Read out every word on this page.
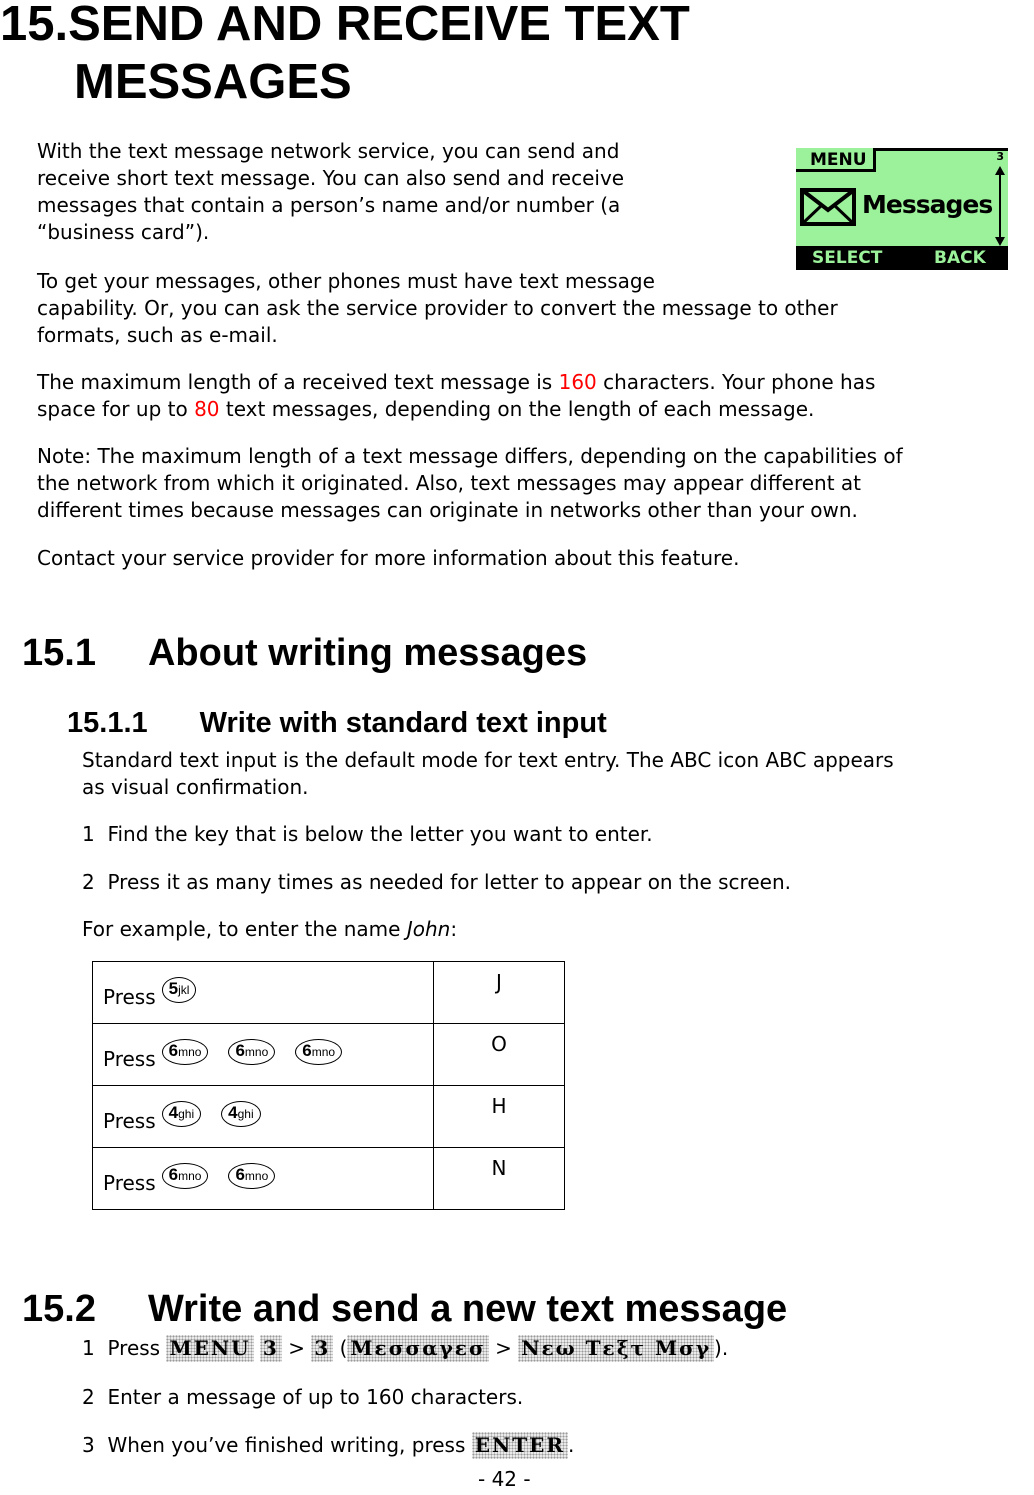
15.SEND AND RECEIVE TEXT
MESSAGES
With the text message network service, you can send and
receive short text message. You can also send and receive
messages that contain a person’s name and/or number (a
“business card”).
MENU	3
Messages
SELECT	BACK
To get your messages, other phones must have text message
capability. Or, you can ask the service provider to convert the message to other
formats, such as e-mail.
The maximum length of a received text message is 160 characters. Your phone has
space for up to 80 text messages, depending on the length of each message.
Note: The maximum length of a text message differs, depending on the capabilities of
the network from which it originated. Also, text messages may appear different at
different times because messages can originate in networks other than your own.
Contact your service provider for more information about this feature.
15.1 About writing messages
15.1.1 Write with standard text input
Standard text input is the default mode for text entry. The ABC icon ABC appears
as visual confirmation.
1 Find the key that is below the letter you want to enter.
2 Press it as many times as needed for letter to appear on the screen.
For example, to enter the name John:
Press 5jkl	J
Press 6mno 6mno 6mno	O
Press 4ghi 4ghi	H
Press 6mno 6mno	N
15.2 Write and send a new text message
1 Press MENU 3 > 3 ( Μεσσαγεσ > Νεω Τεξτ Μσγ ).
2 Enter a message of up to 160 characters.
3 When you’ve finished writing, press ENTER .
- 42 -
